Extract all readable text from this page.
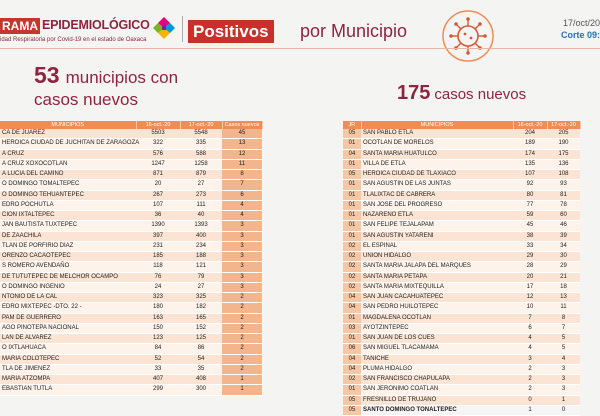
RAMA EPIDEMIOLÓGICO
idad Respiratoria por Covid-19 en el estado de Oaxaca	Positivos por Municipio	17/oct/20
Corte 09:
53 municipios con
casos nuevos	175 casos nuevos
MUNICIPIOS	16-oct.-20	17-oct.-20	Casos nuevos
CA DE JUAREZ	5503	5548	45
HEROICA CIUDAD DE JUCHITAN DE ZARAGOZA	322	335	13
A CRUZ	576	588	12
A CRUZ XOXOCOTLAN	1247	1258	11
A LUCIA DEL CAMINO	871	879	8
O DOMINGO TOMALTEPEC	20	27	7
O DOMINGO TEHUANTEPEC	267	273	6
EDRO POCHUTLA	107	111	4
CION IXTALTEPEC	36	40	4
JAN BAUTISTA TUXTEPEC	1390	1393	3
DE ZAACHILA	397	400	3
TLAN DE PORFIRIO DIAZ	231	234	3
ORENZO CACAOTEPEC	185	188	3
S ROMERO AVENDAÑO	118	121	3
DE TUTUTEPEC DE MELCHOR OCAMPO	76	79	3
O DOMINGO INGENIO	24	27	3
NTONIO DE LA CAL	323	325	2
EDRO MIXTEPEC -DTO. 22 -	180	182	2
PAM DE GUERRERO	163	165	2
AGO PINOTEPA NACIONAL	150	152	2
LAN DE ALVAREZ	123	125	2
O IXTLAHUACA	84	86	2
MARIA COLOTEPEC	52	54	2
TLA DE JIMENEZ	33	35	2
MARIA ATZOMPA	407	408	1
EBASTIAN TUTLA	299	300	1
JR	MUNICIPIOS	16-oct.-20	17-oct.-20
05	SAN PABLO ETLA	204	205
01	OCOTLAN DE MORELOS	189	190
04	SANTA MARIA HUATULCO	174	175
01	VILLA DE ETLA	135	136
05	HEROICA CIUDAD DE TLAXIACO	107	108
01	SAN AGUSTIN DE LAS JUNTAS	92	93
01	TLALIXTAC DE CABRERA	80	81
01	SAN JOSE DEL PROGRESO	77	78
01	NAZARENO ETLA	59	60
01	SAN FELIPE TEJALAPAM	45	46
01	SAN AGUSTIN YATARENI	38	39
02	EL ESPINAL	33	34
02	UNION HIDALGO	29	30
02	SANTA MARIA JALAPA DEL MARQUES	28	29
02	SANTA MARIA PETAPA	20	21
02	SANTA MARIA MIXTEQUILLA	17	18
04	SAN JUAN CACAHUATEPEC	12	13
04	SAN PEDRO HUILOTEPEC	10	11
01	MAGDALENA OCOTLAN	7	8
03	AYOTZINTEPEC	6	7
01	SAN JUAN DE LOS CUES	4	5
06	SAN MIGUEL TLACAMAMA	4	5
04	TANICHE	3	4
04	PLUMA HIDALGO	2	3
02	SAN FRANCISCO CHAPULAPA	2	3
01	SAN JERONIMO COATLAN	2	3
05	FRESNILLO DE TRUJANO	0	1
05	SANTO DOMINGO TONALTEPEC	1	0
